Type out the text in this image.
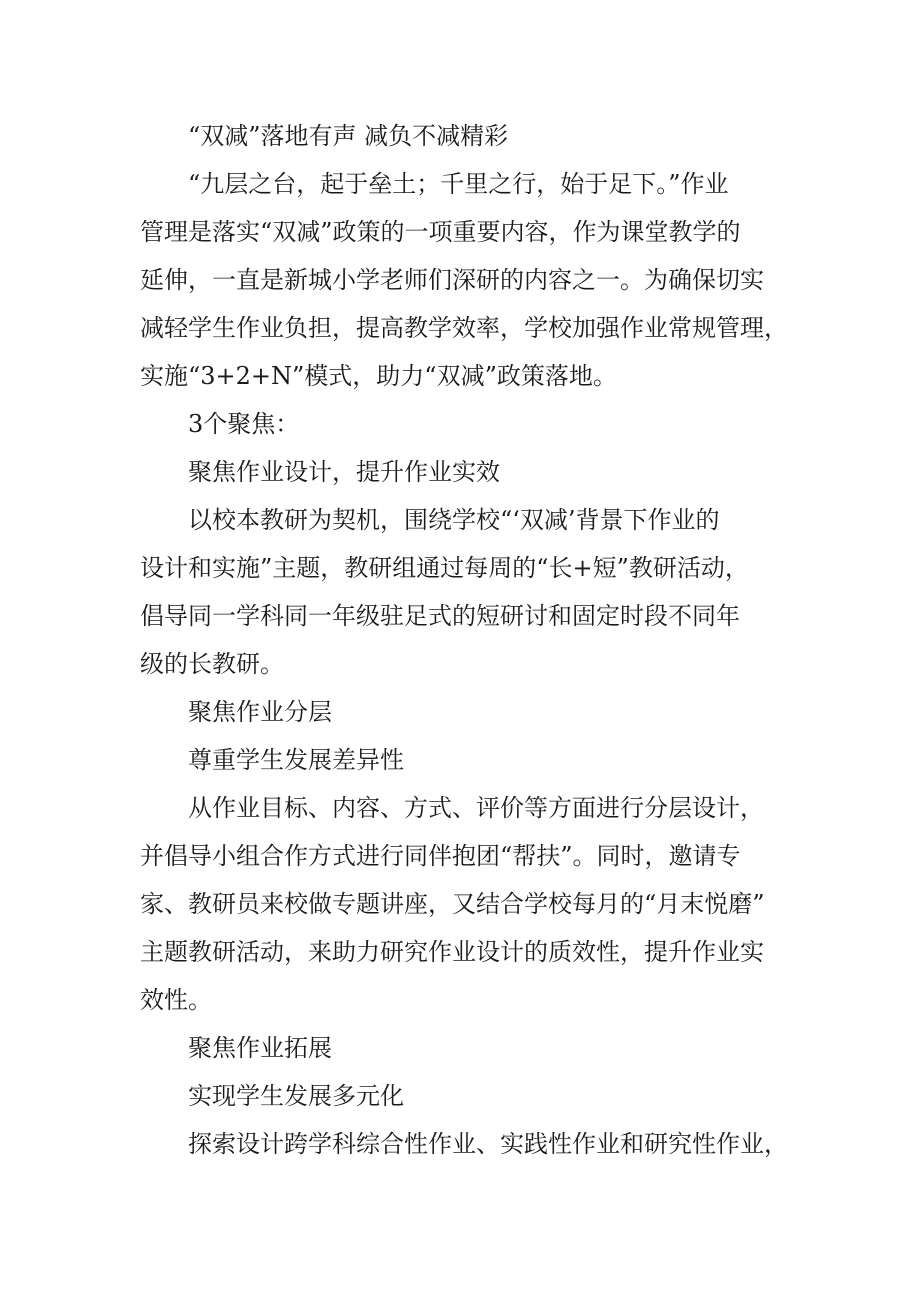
“双减”落地有声 减负不减精彩
“九层之台，起于垒土；千里之行，始于足下。”作业
管理是落实“双减”政策的一项重要内容，作为课堂教学的
延伸，一直是新城小学老师们深研的内容之一。为确保切实
减轻学生作业负担，提高教学效率，学校加强作业常规管理，
实施“3+2+N”模式，助力“双减”政策落地。
3个聚焦：
聚焦作业设计，提升作业实效
以校本教研为契机，围绕学校“‘双减’背景下作业的
设计和实施”主题，教研组通过每周的“长+短”教研活动，
倡导同一学科同一年级驻足式的短研讨和固定时段不同年
级的长教研。
聚焦作业分层
尊重学生发展差异性
从作业目标、内容、方式、评价等方面进行分层设计，
并倡导小组合作方式进行同伴抱团“帮扶”。同时，邀请专
家、教研员来校做专题讲座，又结合学校每月的“月末悦磨”
主题教研活动，来助力研究作业设计的质效性，提升作业实
效性。
聚焦作业拓展
实现学生发展多元化
探索设计跨学科综合性作业、实践性作业和研究性作业，
